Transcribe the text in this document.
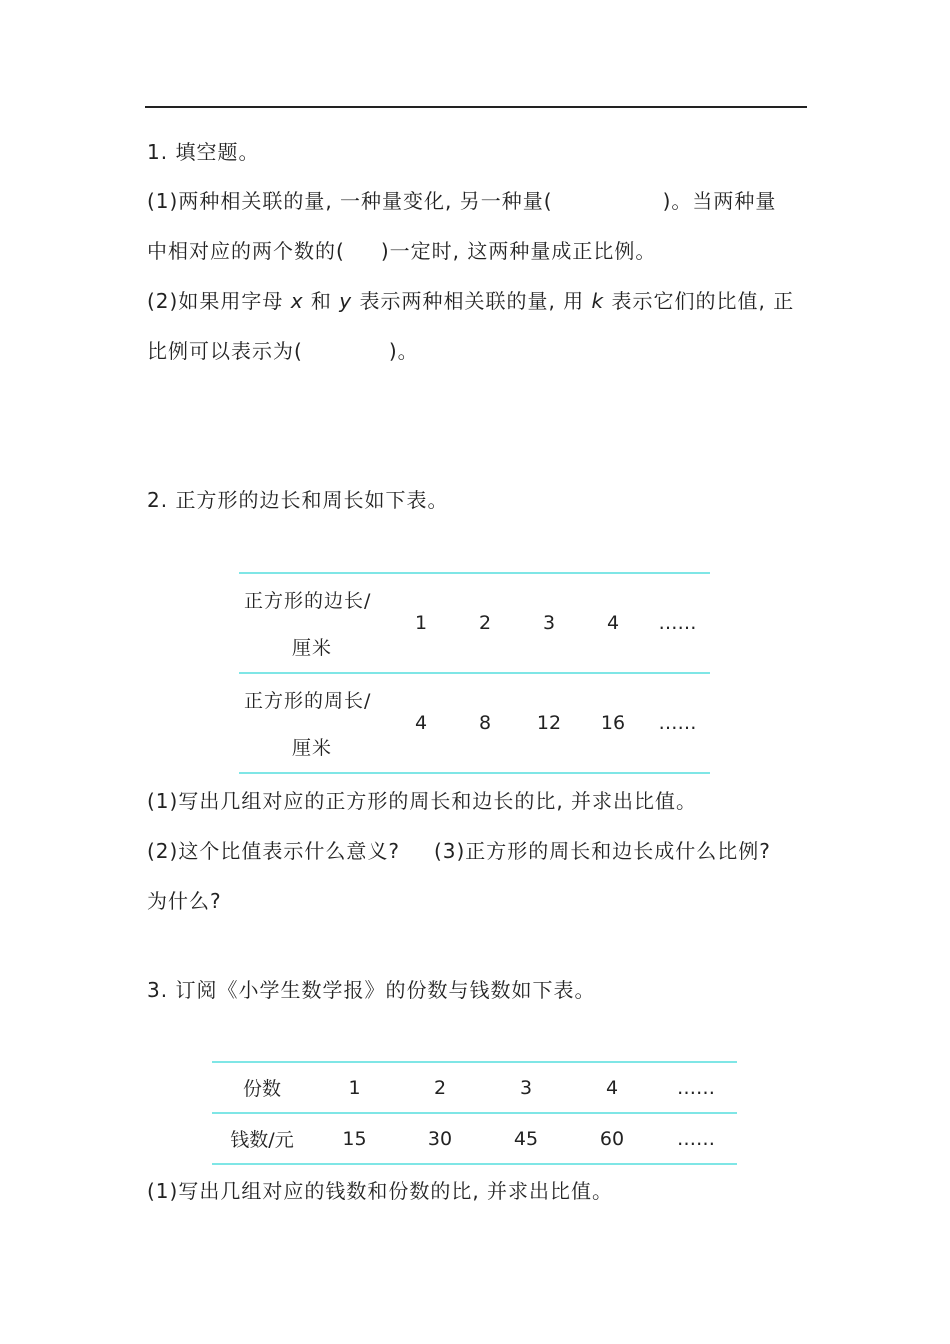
1. 填空题。
(1)两种相关联的量, 一种量变化, 另一种量(	)。当两种量
中相对应的两个数的( )一定时, 这两种量成正比例。
(2)如果用字母 x 和 y 表示两种相关联的量, 用 k 表示它们的比值, 正
比例可以表示为(	)。
2. 正方形的边长和周长如下表。
正方形的边长/
厘米	1	2	3	4	……

正方形的周长/
厘米	4	8	12	16	……
(1)写出几组对应的正方形的周长和边长的比, 并求出比值。
(2)这个比值表示什么意义? (3)正方形的周长和边长成什么比例?
为什么?
3. 订阅《小学生数学报》的份数与钱数如下表。
份数	1	2	3	4	……
钱数/元	15	30	45	60	……
(1)写出几组对应的钱数和份数的比, 并求出比值。
